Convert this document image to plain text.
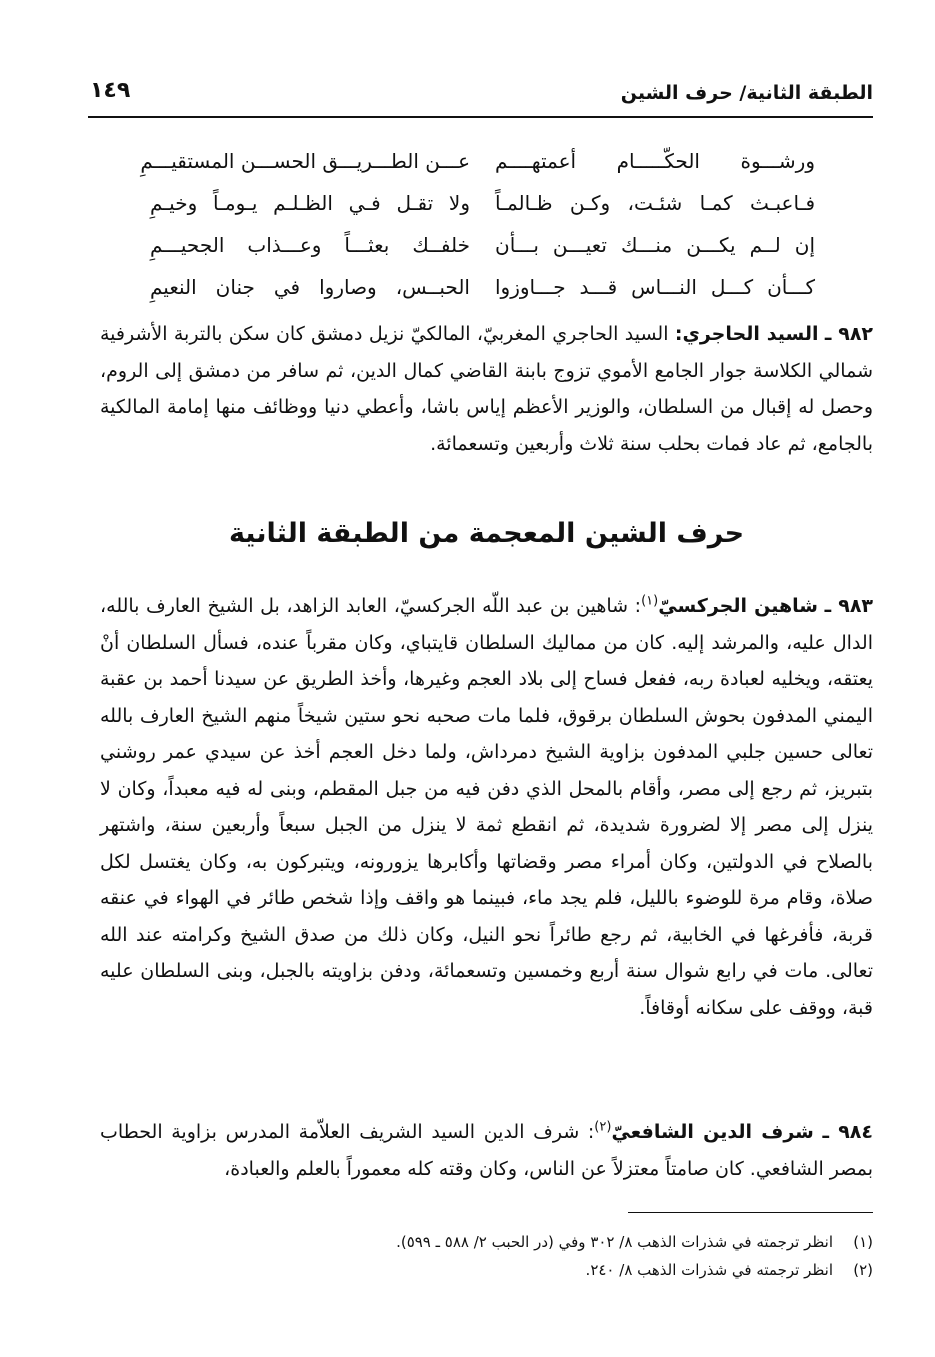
الطبقة الثانية/ حرف الشين
١٤٩
ورشـــوة الحكّـــــام أعمتهــــم
عـــن الطـــريـــق الحســـن المستقيـــمِ
فـاعبـث كمـا شئـت، وكـن ظـالمـاً
ولا تقـل فـي الظـلـم يـومـاً وخيـمِ
إن لــم يكـــن منـــك تعيـــن بـــأن
خلفــك بعثـــاً وعـــذاب الجحيـــمِ
كـــأن كـــل النـــاس قـــد جـــاوزوا
الحبــس، وصاروا في جنان النعيمِ

٩٨٢ ـ السيد الحاجري: السيد الحاجري المغربيّ، المالكيّ نزيل دمشق كان سكن بالتربة الأشرفية شمالي الكلاسة جوار الجامع الأموي تزوج بابنة القاضي كمال الدين، ثم سافر من دمشق إلى الروم، وحصل له إقبال من السلطان، والوزير الأعظم إياس باشا، وأعطي دنيا ووظائف منها إمامة المالكية بالجامع، ثم عاد فمات بحلب سنة ثلاث وأربعين وتسعمائة.

حرف الشين المعجمة من الطبقة الثانية

٩٨٣ ـ شاهين الجركسيّ$^{(١)}$: شاهين بن عبد اللّه الجركسيّ، العابد الزاهد، بل الشيخ العارف بالله، الدال عليه، والمرشد إليه. كان من مماليك السلطان قايتباي، وكان مقرباً عنده، فسأل السلطان أنْ يعتقه، ويخليه لعبادة ربه، ففعل فساح إلى بلاد العجم وغيرها، وأخذ الطريق عن سيدنا أحمد بن عقبة اليمني المدفون بحوش السلطان برقوق، فلما مات صحبه نحو ستين شيخاً منهم الشيخ العارف بالله تعالى حسين جلبي المدفون بزاوية الشيخ دمرداش، ولما دخل العجم أخذ عن سيدي عمر روشني بتبريز، ثم رجع إلى مصر، وأقام بالمحل الذي دفن فيه من جبل المقطم، وبنى له فيه معبداً، وكان لا ينزل إلى مصر إلا لضرورة شديدة، ثم انقطع ثمة لا ينزل من الجبل سبعاً وأربعين سنة، واشتهر بالصلاح في الدولتين، وكان أمراء مصر وقضاتها وأكابرها يزورونه، ويتبركون به، وكان يغتسل لكل صلاة، وقام مرة للوضوء بالليل، فلم يجد ماء، فبينما هو واقف وإذا شخص طائر في الهواء في عنقه قربة، فأفرغها في الخابية، ثم رجع طائراً نحو النيل، وكان ذلك من صدق الشيخ وكرامته عند الله تعالى. مات في رابع شوال سنة أربع وخمسين وتسعمائة، ودفن بزاويته بالجبل، وبنى السلطان عليه قبة، ووقف على سكانه أوقافاً.

٩٨٤ ـ شرف الدين الشافعيّ$^{(٢)}$: شرف الدين السيد الشريف العلاّمة المدرس بزاوية الحطاب بمصر الشافعي. كان صامتاً معتزلاً عن الناس، وكان وقته كله معموراً بالعلم والعبادة،

(١)
انظر ترجمته في شذرات الذهب ٨/ ٣٠٢ وفي (در الحبب ٢/ ٥٨٨ ـ ٥٩٩).
(٢)
انظر ترجمته في شذرات الذهب ٨/ ٢٤٠.
